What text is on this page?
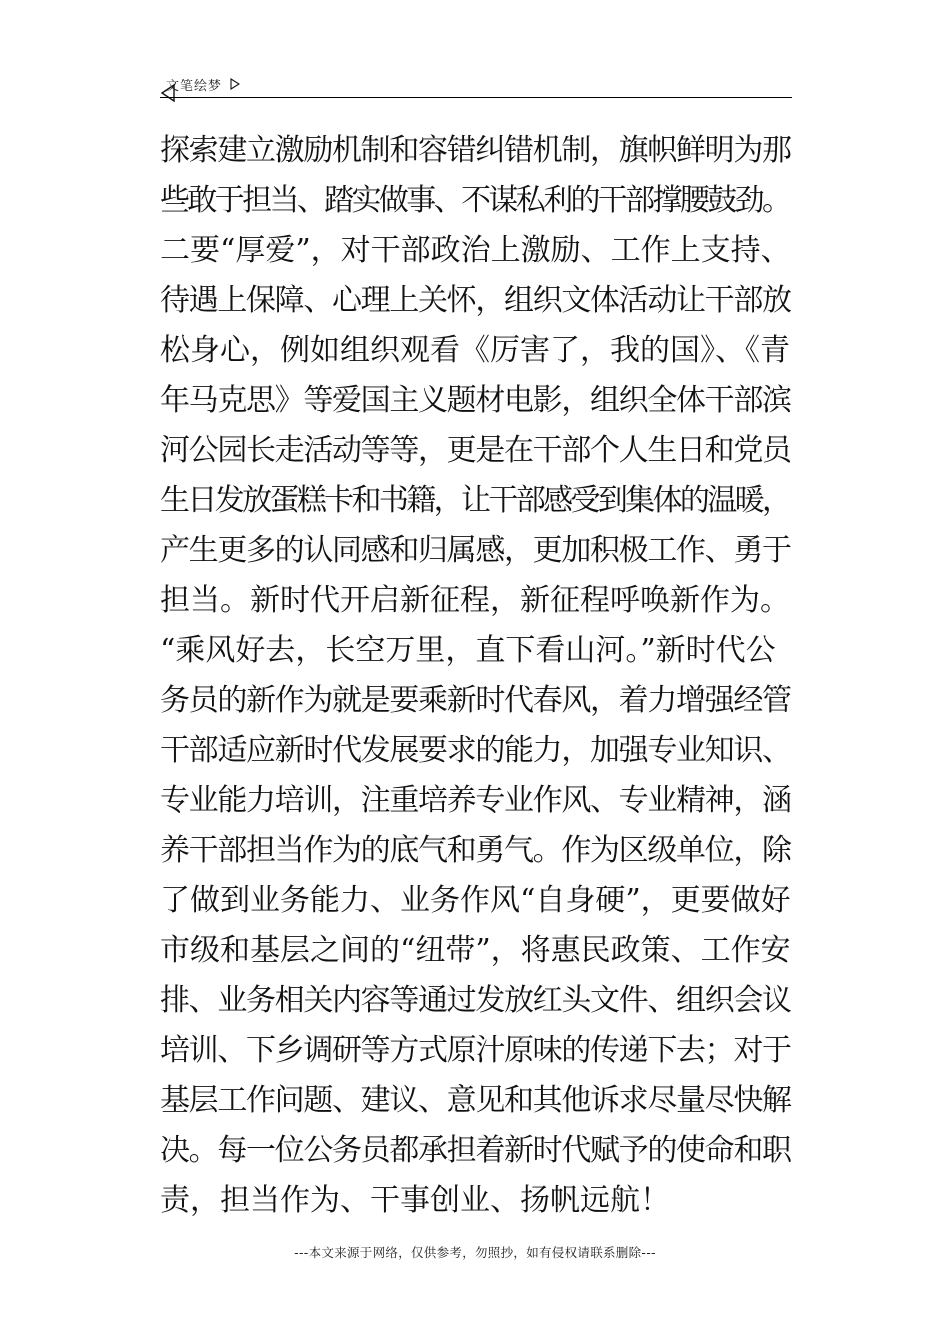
文笔绘梦
探索建立激励机制和容错纠错机制，旗帜鲜明为那
些敢于担当、踏实做事、不谋私利的干部撑腰鼓劲。
二要“厚爱”，对干部政治上激励、工作上支持、
待遇上保障、心理上关怀，组织文体活动让干部放
松身心，例如组织观看《厉害了，我的国》、《青
年马克思》等爱国主义题材电影，组织全体干部滨
河公园长走活动等等，更是在干部个人生日和党员
生日发放蛋糕卡和书籍，让干部感受到集体的温暖，
产生更多的认同感和归属感，更加积极工作、勇于
担当。新时代开启新征程，新征程呼唤新作为。
“乘风好去，长空万里，直下看山河。”新时代公
务员的新作为就是要乘新时代春风，着力增强经管
干部适应新时代发展要求的能力，加强专业知识、
专业能力培训，注重培养专业作风、专业精神，涵
养干部担当作为的底气和勇气。作为区级单位，除
了做到业务能力、业务作风“自身硬”，更要做好
市级和基层之间的“纽带”，将惠民政策、工作安
排、业务相关内容等通过发放红头文件、组织会议
培训、下乡调研等方式原汁原味的传递下去；对于
基层工作问题、建议、意见和其他诉求尽量尽快解
决。每一位公务员都承担着新时代赋予的使命和职
责，担当作为、干事创业、扬帆远航！
---本文来源于网络，仅供参考，勿照抄，如有侵权请联系删除---
